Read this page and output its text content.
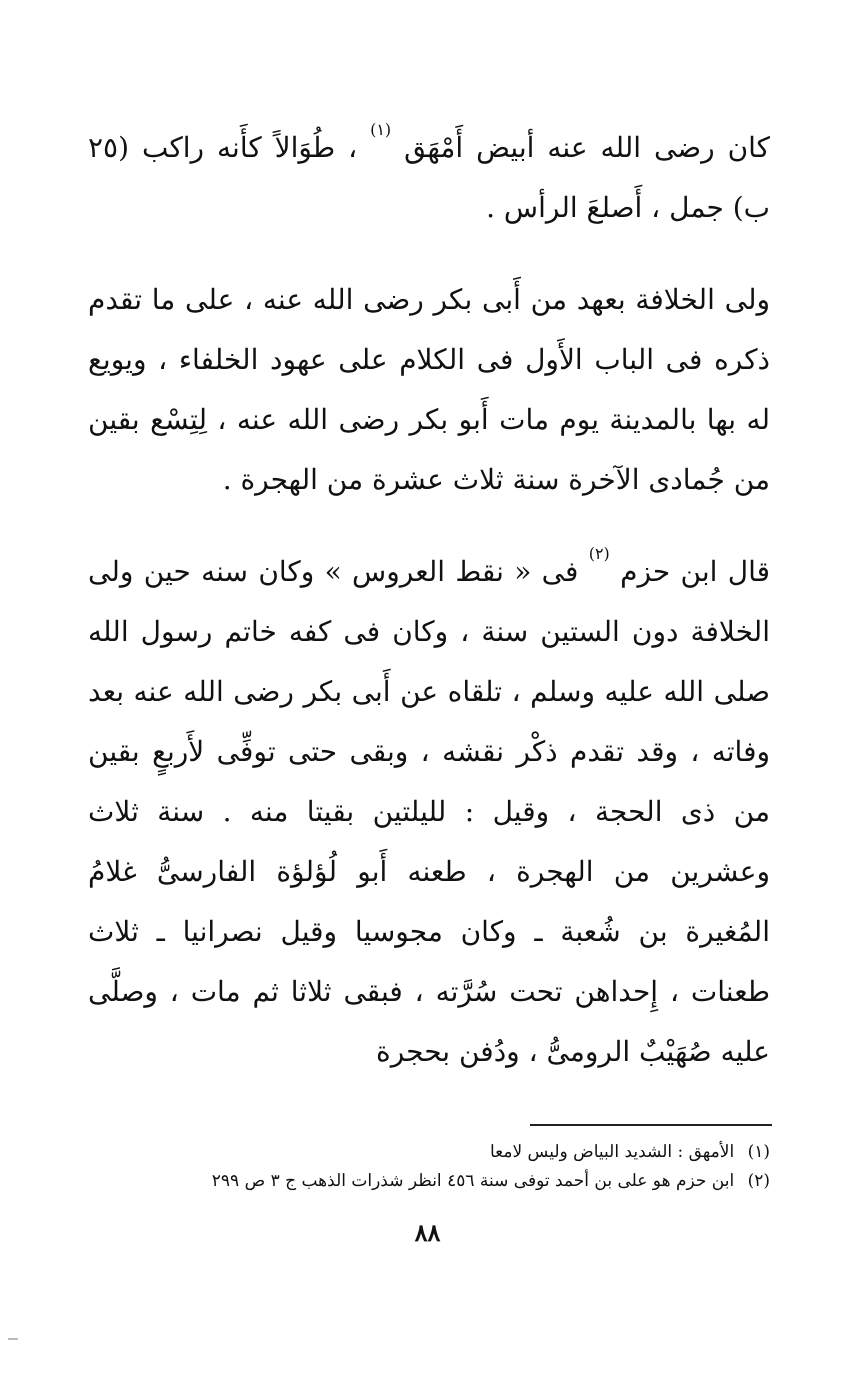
كان رضى الله عنه أبيض أَمْهَق $^{(١)}$ ، طُوَالاً كأَنه راكب (٢٥ ب) جمل ، أَصلعَ الرأس .

ولى الخلافة بعهد من أَبى بكر رضى الله عنه ، على ما تقدم ذكره فى الباب الأَول فى الكلام على عهود الخلفاء ، ويويع له بها بالمدينة يوم مات أَبو بكر رضى الله عنه ، لِتِسْع بقين من جُمادى الآخرة سنة ثلاث عشرة من الهجرة .

قال ابن حزم $^{(٢)}$ فى « نقط العروس » وكان سنه حين ولى الخلافة دون الستين سنة ، وكان فى كفه خاتم رسول الله صلى الله عليه وسلم ، تلقاه عن أَبى بكر رضى الله عنه بعد وفاته ، وقد تقدم ذكْر نقشه ، وبقى حتى توفِّى لأَربعٍ بقين من ذى الحجة ، وقيل : لليلتين بقيتا منه . سنة ثلاث وعشرين من الهجرة ، طعنه أَبو لُؤلؤة الفارسىُّ غلامُ المُغيرة بن شُعبة ـ وكان مجوسيا وقيل نصرانيا ـ ثلاث طعنات ، إِحداهن تحت سُرَّته ، فبقى ثلاثا ثم مات ، وصلَّى عليه صُهَيْبٌ الرومىُّ ، ودُفن بحجرة

(١) الأمهق : الشديد البياض وليس لامعا

(٢) ابن حزم هو على بن أحمد توفى سنة ٤٥٦ انظر شذرات الذهب ج ٣ ص ٢٩٩

٨٨
